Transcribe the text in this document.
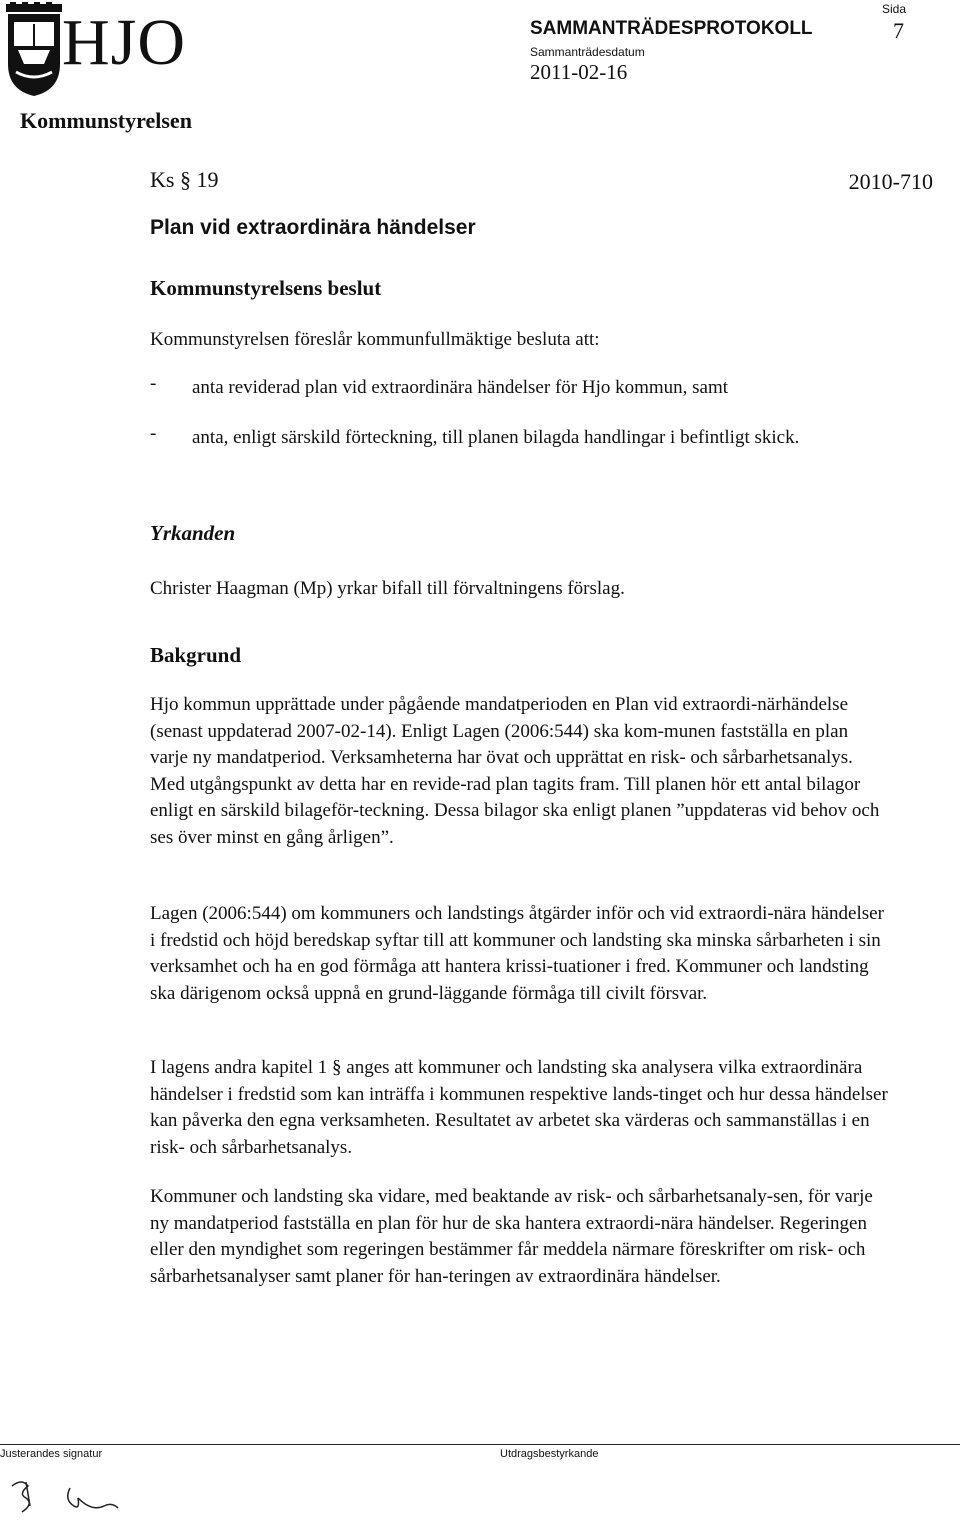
HJO	SAMMANTRÄDESPROTOKOLL
Sammanträdesdatum
2011-02-16
Sida
7
Kommunstyrelsen
Ks § 19	2010-710
Plan vid extraordinära händelser
Kommunstyrelsens beslut
Kommunstyrelsen föreslår kommunfullmäktige besluta att:
-	anta reviderad plan vid extraordinära händelser för Hjo kommun, samt
-	anta, enligt särskild förteckning, till planen bilagda handlingar i befintligt skick.
Yrkanden
Christer Haagman (Mp) yrkar bifall till förvaltningens förslag.
Bakgrund

Hjo kommun upprättade under pågående mandatperioden en Plan vid extraordi-närhändelse (senast uppdaterad 2007-02-14). Enligt Lagen (2006:544) ska kom-munen fastställa en plan varje ny mandatperiod. Verksamheterna har övat och upprättat en risk- och sårbarhetsanalys. Med utgångspunkt av detta har en revide-rad plan tagits fram. Till planen hör ett antal bilagor enligt en särskild bilageför-teckning. Dessa bilagor ska enligt planen ”uppdateras vid behov och ses över minst en gång årligen”.

Lagen (2006:544) om kommuners och landstings åtgärder inför och vid extraordi-nära händelser i fredstid och höjd beredskap syftar till att kommuner och landsting ska minska sårbarheten i sin verksamhet och ha en god förmåga att hantera krissi-tuationer i fred. Kommuner och landsting ska därigenom också uppnå en grund-läggande förmåga till civilt försvar.

I lagens andra kapitel 1 § anges att kommuner och landsting ska analysera vilka extraordinära händelser i fredstid som kan inträffa i kommunen respektive lands-tinget och hur dessa händelser kan påverka den egna verksamheten. Resultatet av arbetet ska värderas och sammanställas i en risk- och sårbarhetsanalys.

Kommuner och landsting ska vidare, med beaktande av risk- och sårbarhetsanaly-sen, för varje ny mandatperiod fastställa en plan för hur de ska hantera extraordi-nära händelser. Regeringen eller den myndighet som regeringen bestämmer får meddela närmare föreskrifter om risk- och sårbarhetsanalyser samt planer för han-teringen av extraordinära händelser.

Justerandes signatur	Utdragsbestyrkande
